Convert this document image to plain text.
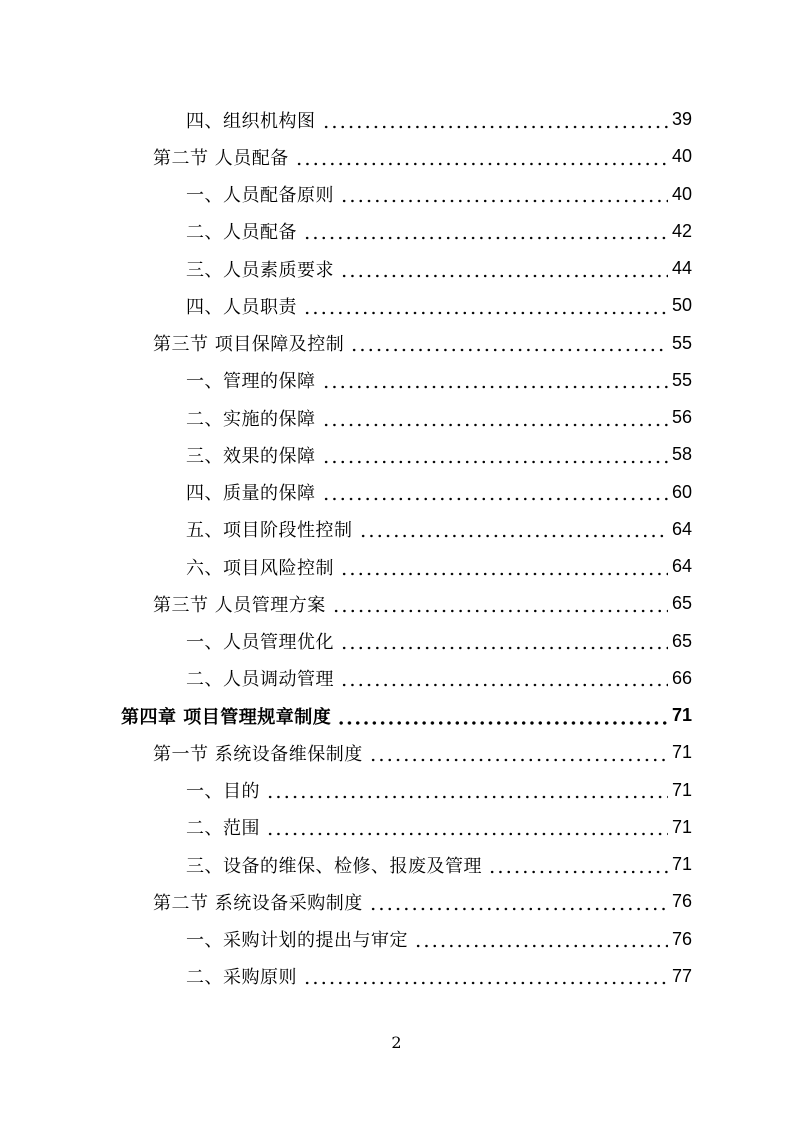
四、组织机构图	39
第二节 人员配备	40
一、人员配备原则	40
二、人员配备	42
三、人员素质要求	44
四、人员职责	50
第三节 项目保障及控制	55
一、管理的保障	55
二、实施的保障	56
三、效果的保障	58
四、质量的保障	60
五、项目阶段性控制	64
六、项目风险控制	64
第三节 人员管理方案	65
一、人员管理优化	65
二、人员调动管理	66
第四章 项目管理规章制度	71
第一节 系统设备维保制度	71
一、目的	71
二、范围	71
三、设备的维保、检修、报废及管理	71
第二节 系统设备采购制度	76
一、采购计划的提出与审定	76
二、采购原则	77
2
